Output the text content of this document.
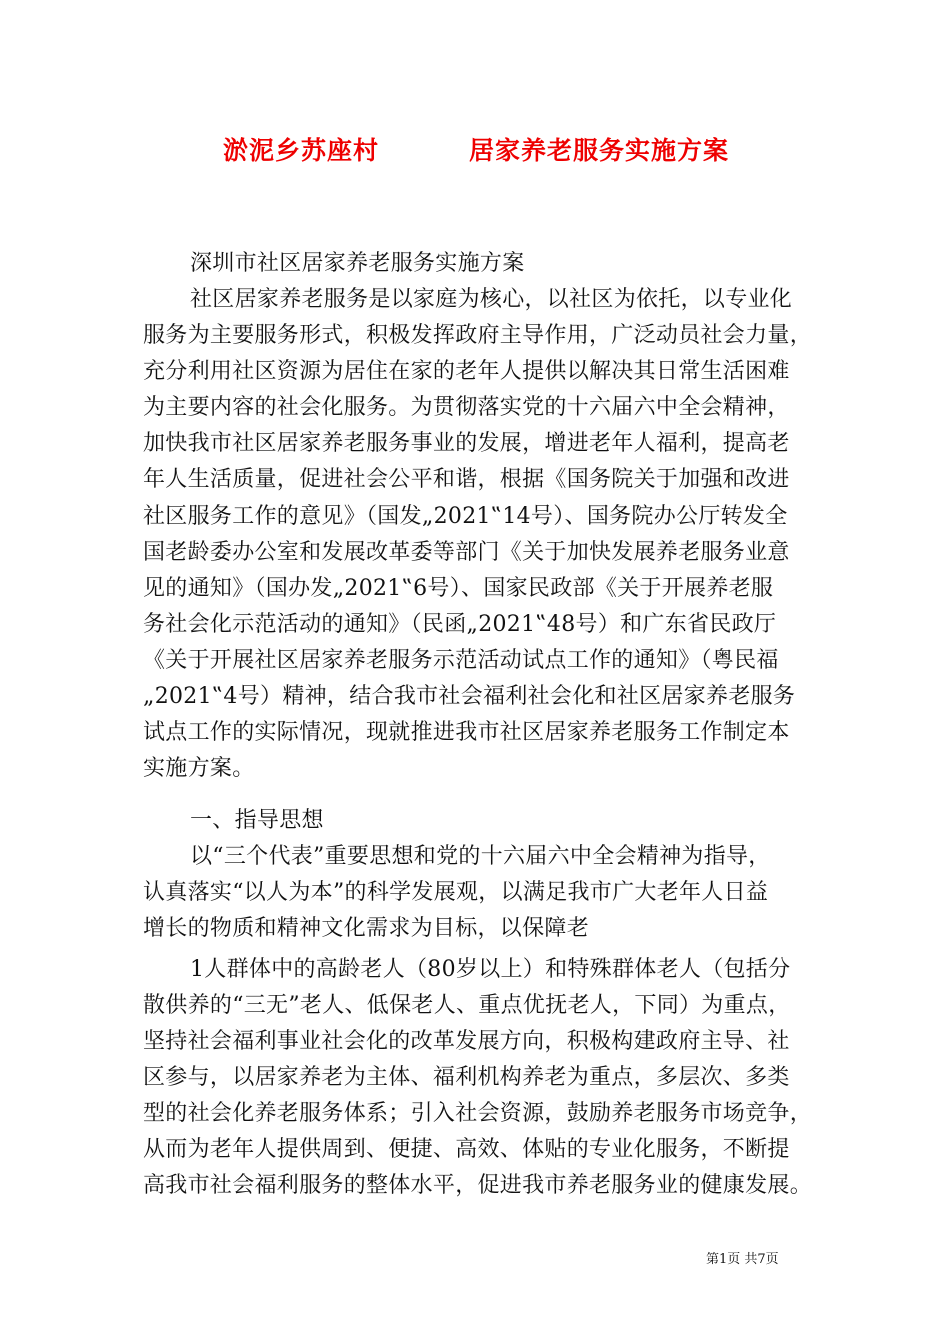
淤泥乡苏座村	居家养老服务实施方案
深圳市社区居家养老服务实施方案
社区居家养老服务是以家庭为核心，以社区为依托，以专业化
服务为主要服务形式，积极发挥政府主导作用，广泛动员社会力量，
充分利用社区资源为居住在家的老年人提供以解决其日常生活困难
为主要内容的社会化服务。为贯彻落实党的十六届六中全会精神，
加快我市社区居家养老服务事业的发展，增进老年人福利，提高老
年人生活质量，促进社会公平和谐，根据《国务院关于加强和改进
社区服务工作的意见》（国发„2021‟14号）、国务院办公厅转发全
国老龄委办公室和发展改革委等部门《关于加快发展养老服务业意
见的通知》（国办发„2021‟6号）、国家民政部《关于开展养老服
务社会化示范活动的通知》（民函„2021‟48号）和广东省民政厅
《关于开展社区居家养老服务示范活动试点工作的通知》（粤民福
„2021‟4号）精神，结合我市社会福利社会化和社区居家养老服务
试点工作的实际情况，现就推进我市社区居家养老服务工作制定本
实施方案。
一、指导思想
以“三个代表”重要思想和党的十六届六中全会精神为指导，
认真落实“以人为本”的科学发展观，以满足我市广大老年人日益
增长的物质和精神文化需求为目标，以保障老
1人群体中的高龄老人（80岁以上）和特殊群体老人（包括分
散供养的“三无”老人、低保老人、重点优抚老人，下同）为重点，
坚持社会福利事业社会化的改革发展方向，积极构建政府主导、社
区参与，以居家养老为主体、福利机构养老为重点，多层次、多类
型的社会化养老服务体系；引入社会资源，鼓励养老服务市场竞争，
从而为老年人提供周到、便捷、高效、体贴的专业化服务，不断提
高我市社会福利服务的整体水平，促进我市养老服务业的健康发展。
第1页 共7页
